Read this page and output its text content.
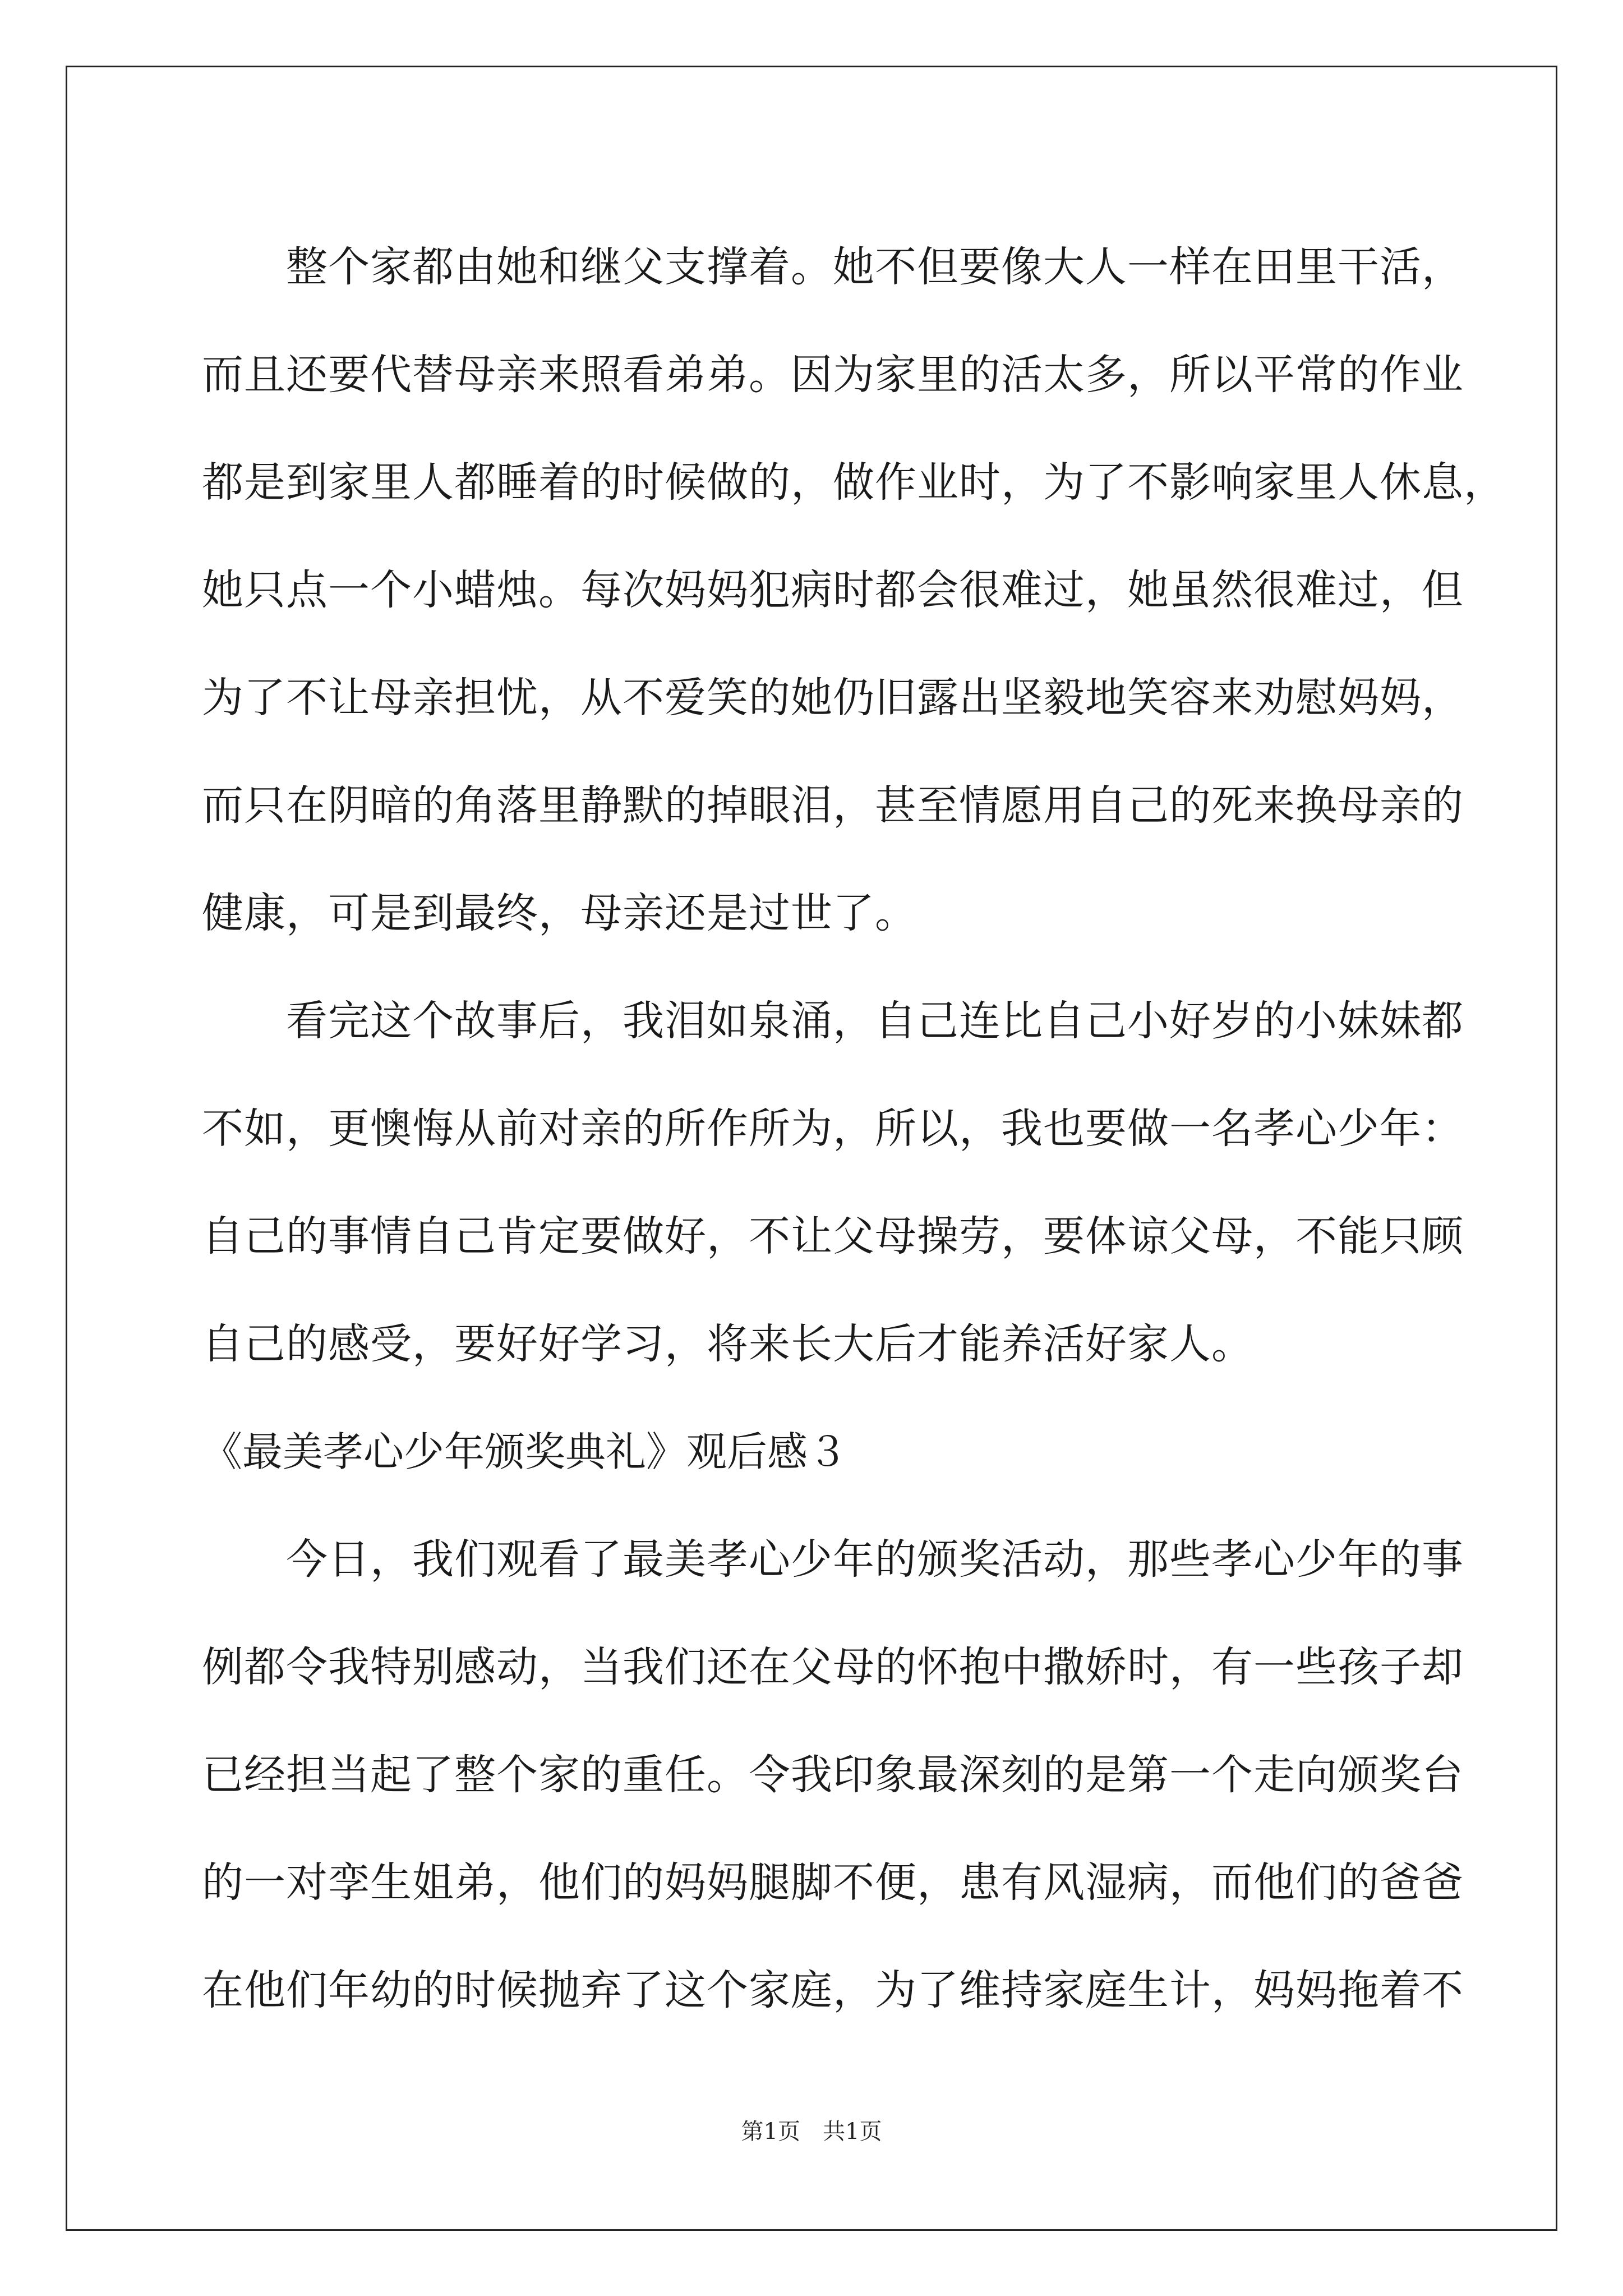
整个家都由她和继父支撑着。她不但要像大人一样在田里干活，
而且还要代替母亲来照看弟弟。因为家里的活太多，所以平常的作业
都是到家里人都睡着的时候做的，做作业时，为了不影响家里人休息，
她只点一个小蜡烛。每次妈妈犯病时都会很难过，她虽然很难过，但
为了不让母亲担忧，从不爱笑的她仍旧露出坚毅地笑容来劝慰妈妈，
而只在阴暗的角落里静默的掉眼泪，甚至情愿用自己的死来换母亲的
健康，可是到最终，母亲还是过世了。
看完这个故事后，我泪如泉涌，自己连比自己小好岁的小妹妹都
不如，更懊悔从前对亲的所作所为，所以，我也要做一名孝心少年：
自己的事情自己肯定要做好，不让父母操劳，要体谅父母，不能只顾
自己的感受，要好好学习，将来长大后才能养活好家人。
《最美孝心少年颁奖典礼》观后感３
今日，我们观看了最美孝心少年的颁奖活动，那些孝心少年的事
例都令我特别感动，当我们还在父母的怀抱中撒娇时，有一些孩子却
已经担当起了整个家的重任。令我印象最深刻的是第一个走向颁奖台
的一对孪生姐弟，他们的妈妈腿脚不便，患有风湿病，而他们的爸爸
在他们年幼的时候抛弃了这个家庭，为了维持家庭生计，妈妈拖着不
第1页 共1页
